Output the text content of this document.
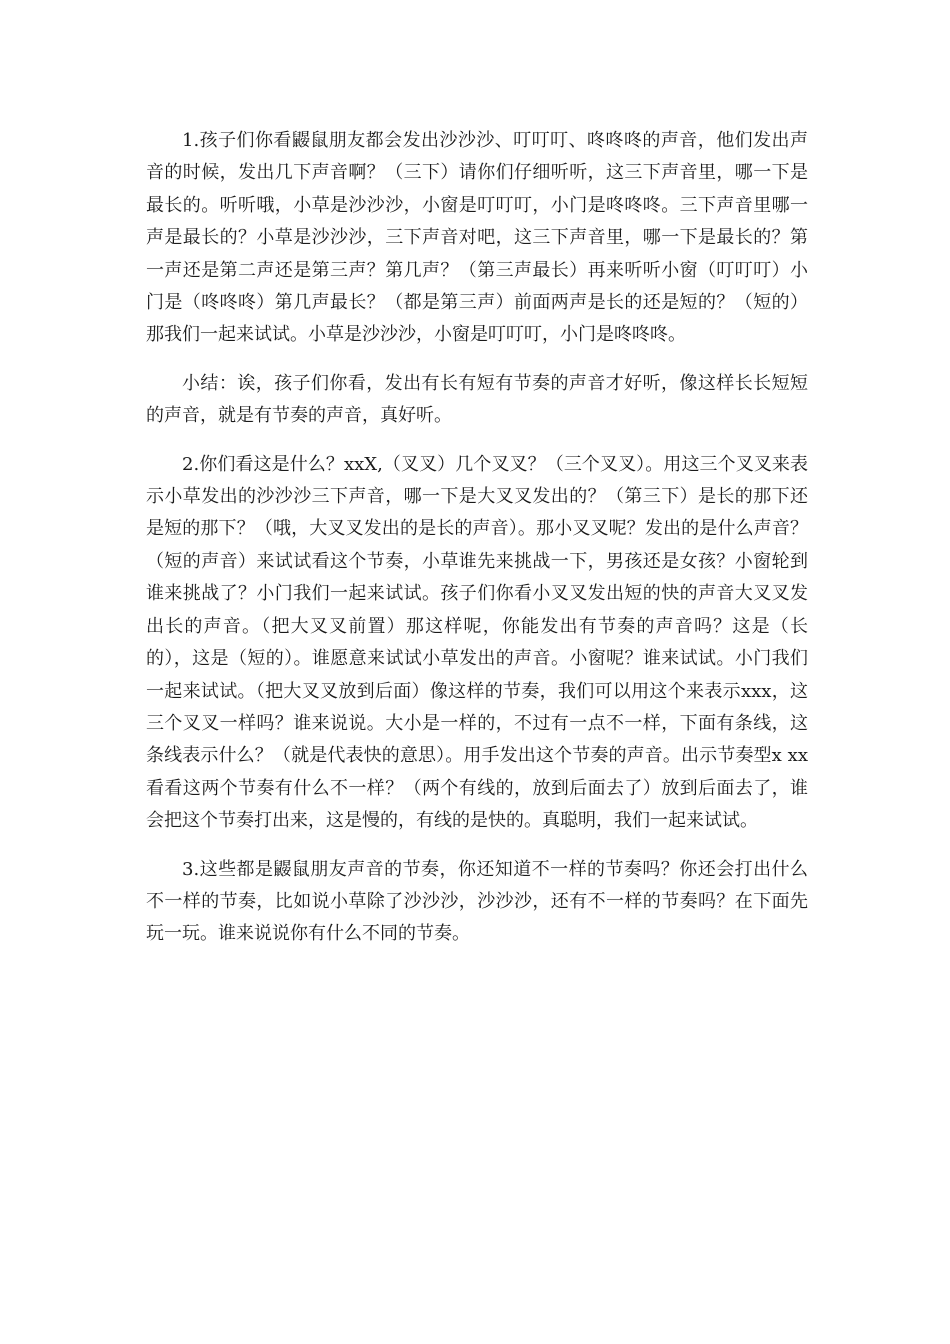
1.孩子们你看鼹鼠朋友都会发出沙沙沙、叮叮叮、咚咚咚的声音，他们发出声音的时候，发出几下声音啊？（三下）请你们仔细听听，这三下声音里，哪一下是最长的。听听哦，小草是沙沙沙，小窗是叮叮叮，小门是咚咚咚。三下声音里哪一声是最长的？小草是沙沙沙，三下声音对吧，这三下声音里，哪一下是最长的？第一声还是第二声还是第三声？第几声？（第三声最长）再来听听小窗（叮叮叮）小门是（咚咚咚）第几声最长？（都是第三声）前面两声是长的还是短的？（短的）那我们一起来试试。小草是沙沙沙，小窗是叮叮叮，小门是咚咚咚。

小结：诶，孩子们你看，发出有长有短有节奏的声音才好听，像这样长长短短的声音，就是有节奏的声音，真好听。

2.你们看这是什么？xxX,（叉叉）几个叉叉？（三个叉叉）。用这三个叉叉来表示小草发出的沙沙沙三下声音，哪一下是大叉叉发出的？（第三下）是长的那下还是短的那下？（哦，大叉叉发出的是长的声音）。那小叉叉呢？发出的是什么声音？（短的声音）来试试看这个节奏，小草谁先来挑战一下，男孩还是女孩？小窗轮到谁来挑战了？小门我们一起来试试。孩子们你看小叉叉发出短的快的声音大叉叉发出长的声音。（把大叉叉前置）那这样呢，你能发出有节奏的声音吗？这是（长的），这是（短的）。谁愿意来试试小草发出的声音。小窗呢？谁来试试。小门我们一起来试试。（把大叉叉放到后面）像这样的节奏，我们可以用这个来表示xxx，这三个叉叉一样吗？谁来说说。大小是一样的，不过有一点不一样，下面有条线，这条线表示什么？（就是代表快的意思）。用手发出这个节奏的声音。出示节奏型x xx 看看这两个节奏有什么不一样？（两个有线的，放到后面去了）放到后面去了，谁会把这个节奏打出来，这是慢的，有线的是快的。真聪明，我们一起来试试。

3.这些都是鼹鼠朋友声音的节奏，你还知道不一样的节奏吗？你还会打出什么不一样的节奏，比如说小草除了沙沙沙，沙沙沙，还有不一样的节奏吗？在下面先玩一玩。谁来说说你有什么不同的节奏。
